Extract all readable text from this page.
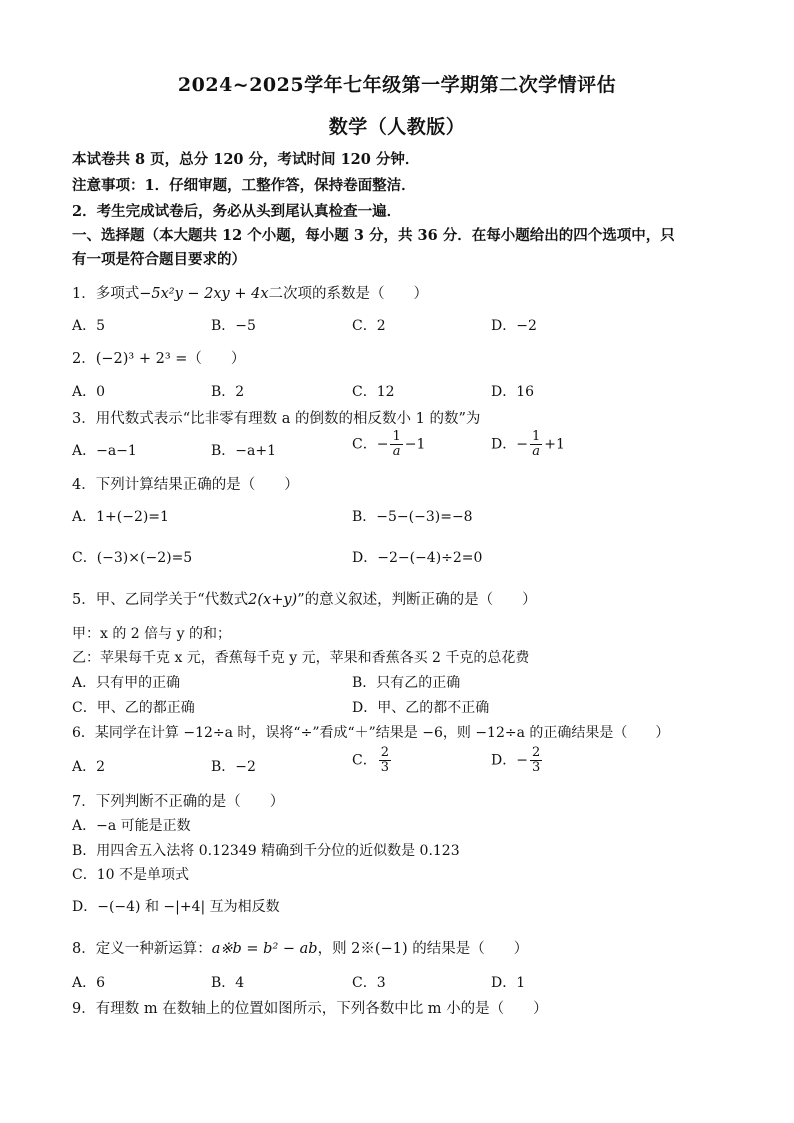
2024~2025学年七年级第一学期第二次学情评估
数学（人教版）
本试卷共 8 页，总分 120 分，考试时间 120 分钟．
注意事项：1．仔细审题，工整作答，保持卷面整洁．
2．考生完成试卷后，务必从头到尾认真检查一遍．
一、选择题（本大题共 12 个小题，每小题 3 分，共 36 分．在每小题给出的四个选项中，只
有一项是符合题目要求的）
1．多项式−5x²y − 2xy + 4x二次项的系数是（　　）
A．5	B．−5	C．2	D．−2
2．(−2)³ + 2³ =（　　）
A．0	B．2	C．12	D．16
3．用代数式表示“比非零有理数 a 的倒数的相反数小 1 的数”为
A．−a−1	B．−a+1	C．− $\frac{1}{a} -1$	D．− $\frac{1}{a} +1$
4．下列计算结果正确的是（　　）
A．1+(−2)=1	B．−5−(−3)=−8
C．(−3)×(−2)=5	D．−2−(−4)÷2=0
5．甲、乙同学关于“代数式2(x+y)”的意义叙述，判断正确的是（　　）
甲：x 的 2 倍与 y 的和；
乙：苹果每千克 x 元，香蕉每千克 y 元，苹果和香蕉各买 2 千克的总花费
A．只有甲的正确	B．只有乙的正确
C．甲、乙的都正确	D．甲、乙的都不正确
6．某同学在计算 −12÷a 时，误将“÷”看成“＋”结果是 −6，则 −12÷a 的正确结果是（　　）
A．2	B．−2	C． $\frac{2}{3}$	D．− $\frac{2}{3}$
7．下列判断不正确的是（　　）
A．−a 可能是正数
B．用四舍五入法将 0.12349 精确到千分位的近似数是 0.123
C．10 不是单项式
D．−(−4) 和 −|+4| 互为相反数
8．定义一种新运算：a※b = b² − ab，则 2※(−1) 的结果是（　　）
A．6	B．4	C．3	D．1
9．有理数 m 在数轴上的位置如图所示，下列各数中比 m 小的是（　　）
